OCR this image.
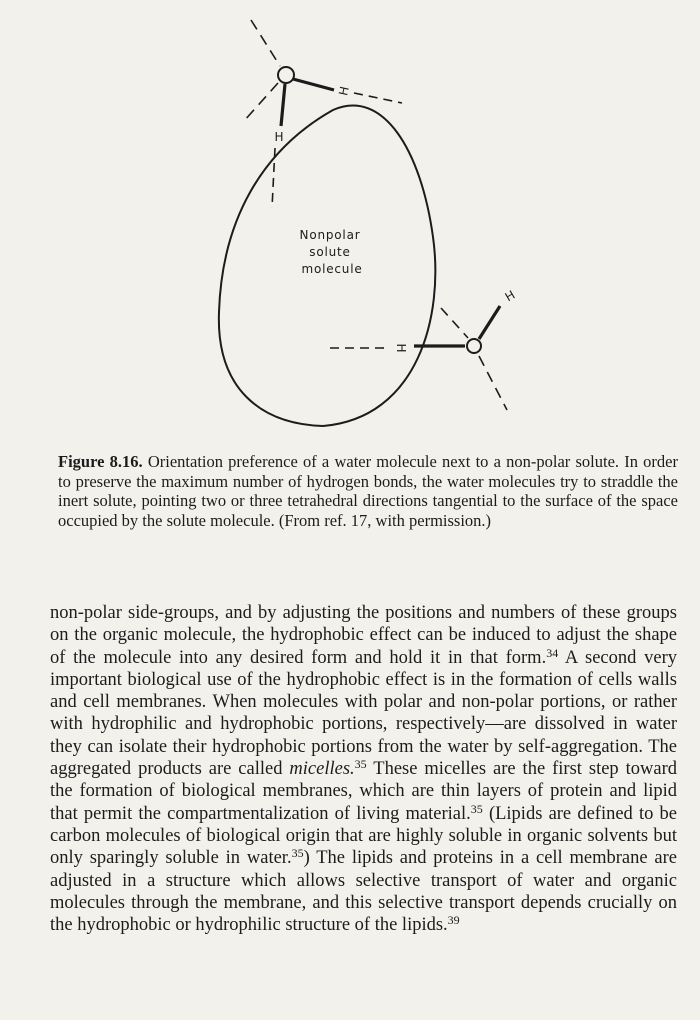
H
H
H
H
Nonpolar
solute
molecule
Figure 8.16. Orientation preference of a water molecule next to a non-polar solute. In order to preserve the maximum number of hydrogen bonds, the water molecules try to straddle the inert solute, pointing two or three tetrahedral directions tangential to the surface of the space occupied by the solute molecule. (From ref. 17, with permission.)
non-polar side-groups, and by adjusting the positions and numbers of these groups on the organic molecule, the hydrophobic effect can be induced to adjust the shape of the molecule into any desired form and hold it in that form.$^{34}$ A second very important biological use of the hydrophobic effect is in the formation of cells walls and cell membranes. When molecules with polar and non-polar portions, or rather with hydrophilic and hydrophobic portions, respectively—are dissolved in water they can isolate their hydrophobic portions from the water by self-aggregation. The aggregated products are called micelles.$^{35}$ These micelles are the first step toward the formation of biological membranes, which are thin layers of protein and lipid that permit the compartmentalization of living material.$^{35}$ (Lipids are defined to be carbon molecules of biological origin that are highly soluble in organic solvents but only sparingly soluble in water.$^{35}$) The lipids and proteins in a cell membrane are adjusted in a structure which allows selective transport of water and organic molecules through the membrane, and this selective transport depends crucially on the hydrophobic or hydrophilic structure of the lipids.$^{39}$
